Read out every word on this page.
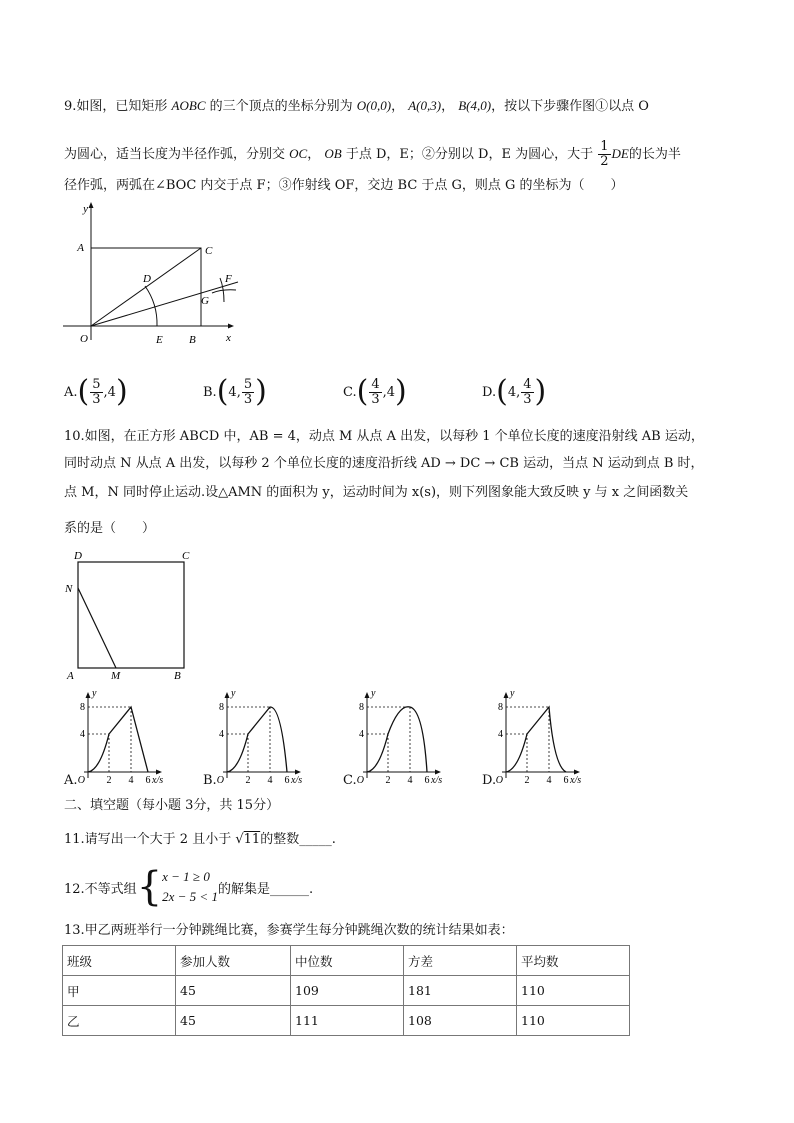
9.如图，已知矩形 AOBC 的三个顶点的坐标分别为 O(0,0)， A(0,3)， B(4,0)，按以下步骤作图①以点 O
为圆心，适当长度为半径作弧，分别交 OC， OB 于点 D，E；②分别以 D，E 为圆心，大于 $\frac{1}{2}$ DE的长为半
径作弧，两弧在∠BOC 内交于点 F；③作射线 OF，交边 BC 于点 G，则点 G 的坐标为（　　）
y
A	C
D	F
G
O	E B	x
A. ( $\frac{5}{3}$ , 4 )	B. ( 4 , $\frac{5}{3}$ )	C. ( $\frac{4}{3}$ , 4 )	D. ( 4 , $\frac{4}{3}$ )
10.如图，在正方形 ABCD 中，AB = 4，动点 M 从点 A 出发，以每秒 1 个单位长度的速度沿射线 AB 运动，
同时动点 N 从点 A 出发，以每秒 2 个单位长度的速度沿折线 AD → DC → CB 运动，当点 N 运动到点 B 时，
点 M，N 同时停止运动.设△AMN 的面积为 y，运动时间为 x(s)，则下列图象能大致反映 y 与 x 之间函数关
系的是（　　）
D	C
N
A	M	B
A.	B.	C.	D.
y
8
4
O 2 4 6 x/s
y
8
4
O 2 4 6 x/s
y
8
4
O 2 4 6 x/s
y
8
4
O 2 4 6 x/s
二、填空题（每小题 3分，共 15分）
11.请写出一个大于 2 且小于 √11的整数_____.
12.不等式组 { x − 1 ≥ 0
2x − 5 < 1 的解集是______.
13.甲乙两班举行一分钟跳绳比赛，参赛学生每分钟跳绳次数的统计结果如表：
班级	参加人数	中位数	方差	平均数
甲	45	109	181	110
乙	45	111	108	110
